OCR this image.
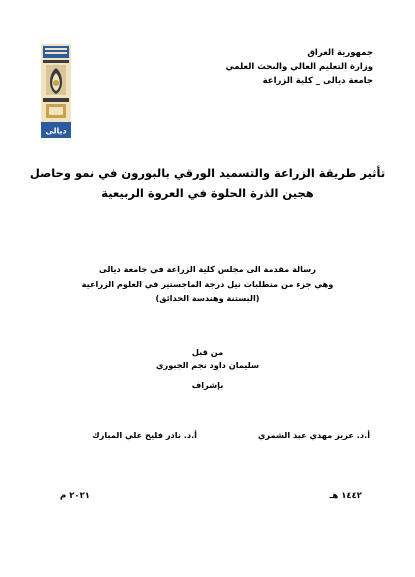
ديالى
جمهورية العراق
وزارة التعليم العالي والبحث العلمي
جامعة ديالى _ كلية الزراعة
تأثير طريقة الزراعة والتسميد الورقي بالبورون في نمو وحاصل
هجين الذرة الحلوة في العروة الربيعية
رسالة مقدمة الى مجلس كلية الزراعة في جامعة ديالى
وهي جزء من متطلبات نيل درجة الماجستير في العلوم الزراعية
(البستنة وهندسة الحدائق)
من قبل
سليمان داود نجم الجبوري
بإشراف
أ.د. عزيز مهدي عبد الشمري
أ.د. نادر فليح علي المبارك
١٤٤٢ هـ
٢٠٢١ م
